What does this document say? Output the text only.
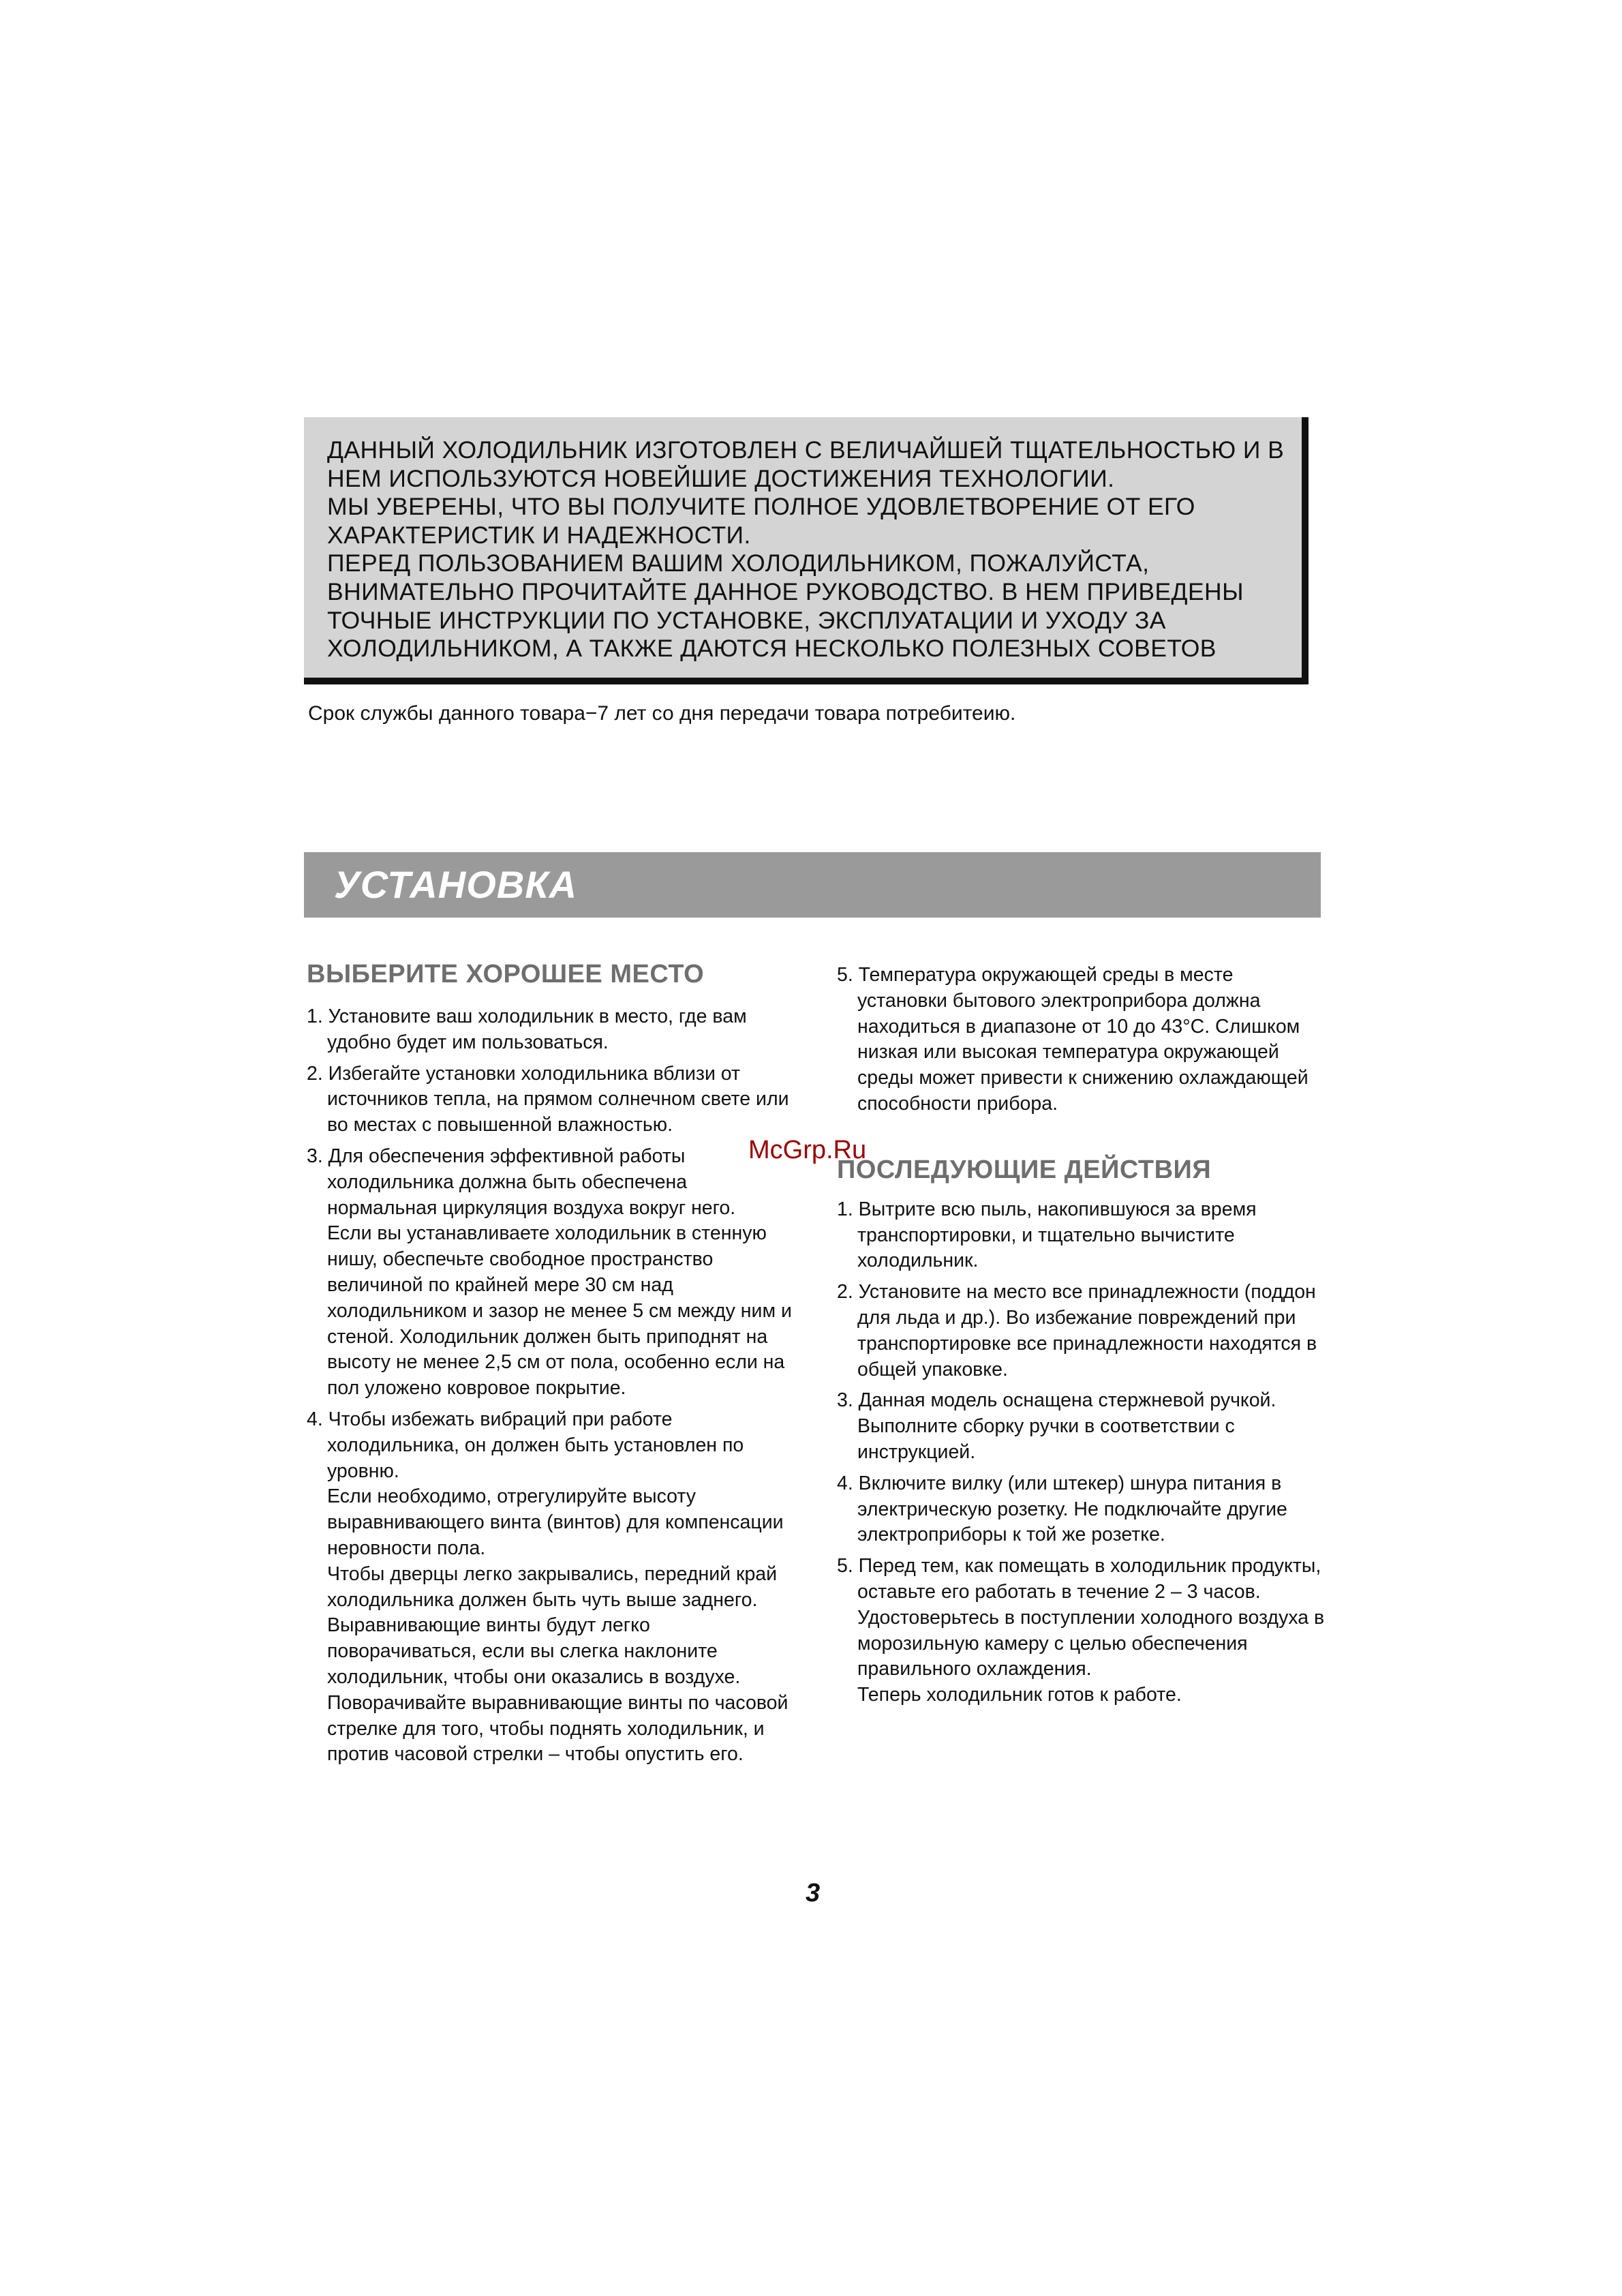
ДАННЫЙ ХОЛОДИЛЬНИК ИЗГОТОВЛЕН С ВЕЛИЧАЙШЕЙ ТЩАТЕЛЬНОСТЬЮ И В
НЕМ ИСПОЛЬЗУЮТСЯ НОВЕЙШИЕ ДОСТИЖЕНИЯ ТЕХНОЛОГИИ.
МЫ УВЕРЕНЫ, ЧТО ВЫ ПОЛУЧИТЕ ПОЛНОЕ УДОВЛЕТВОРЕНИЕ ОТ ЕГО
ХАРАКТЕРИСТИК И НАДЕЖНОСТИ.
ПЕРЕД ПОЛЬЗОВАНИЕМ ВАШИМ ХОЛОДИЛЬНИКОМ, ПОЖАЛУЙСТА,
ВНИМАТЕЛЬНО ПРОЧИТАЙТЕ ДАННОЕ РУКОВОДСТВО. В НЕМ ПРИВЕДЕНЫ
ТОЧНЫЕ ИНСТРУКЦИИ ПО УСТАНОВКЕ, ЭКСПЛУАТАЦИИ И УХОДУ ЗА
ХОЛОДИЛЬНИКОМ, А ТАКЖЕ ДАЮТСЯ НЕСКОЛЬКО ПОЛЕЗНЫХ СОВЕТОВ
Срок службы данного товара−7 лет со дня передачи товара потребитеию.
УСТАНОВКА
McGrp.Ru
ВЫБЕРИТЕ ХОРОШЕЕ МЕСТО
1. Установите ваш холодильник в место, где вам
удобно будет им пользоваться.
2. Избегайте установки холодильника вблизи от
источников тепла, на прямом солнечном свете или
во местах с повышенной влажностью.
3. Для обеспечения эффективной работы
холодильника должна быть обеспечена
нормальная циркуляция воздуха вокруг него.
Если вы устанавливаете холодильник в стенную
нишу, обеспечьте свободное пространство
величиной по крайней мере 30 см над
холодильником и зазор не менее 5 см между ним и
стеной. Холодильник должен быть приподнят на
высоту не менее 2,5 см от пола, особенно если на
пол уложено ковровое покрытие.
4. Чтобы избежать вибраций при работе
холодильника, он должен быть установлен по
уровню.
Если необходимо, отрегулируйте высоту
выравнивающего винта (винтов) для компенсации
неровности пола.
Чтобы дверцы легко закрывались, передний край
холодильника должен быть чуть выше заднего.
Выравнивающие винты будут легко
поворачиваться, если вы слегка наклоните
холодильник, чтобы они оказались в воздухе.
Поворачивайте выравнивающие винты по часовой
стрелке для того, чтобы поднять холодильник, и
против часовой стрелки – чтобы опустить его.
5. Температура окружающей среды в месте
установки бытового электроприбора должна
находиться в диапазоне от 10 до 43°С. Слишком
низкая или высокая температура окружающей
среды может привести к снижению охлаждающей
способности прибора.
ПОСЛЕДУЮЩИЕ ДЕЙСТВИЯ
1. Вытрите всю пыль, накопившуюся за время
транспортировки, и тщательно вычистите
холодильник.
2. Установите на место все принадлежности (поддон
для льда и др.). Во избежание повреждений при
транспортировке все принадлежности находятся в
общей упаковке.
3. Данная модель оснащена стержневой ручкой.
Выполните сборку ручки в соответствии с
инструкцией.
4. Включите вилку (или штекер) шнура питания в
электрическую розетку. Не подключайте другие
электроприборы к той же розетке.
5. Перед тем, как помещать в холодильник продукты,
оставьте его работать в течение 2 – 3 часов.
Удостоверьтесь в поступлении холодного воздуха в
морозильную камеру с целью обеспечения
правильного охлаждения.
Теперь холодильник готов к работе.
3
